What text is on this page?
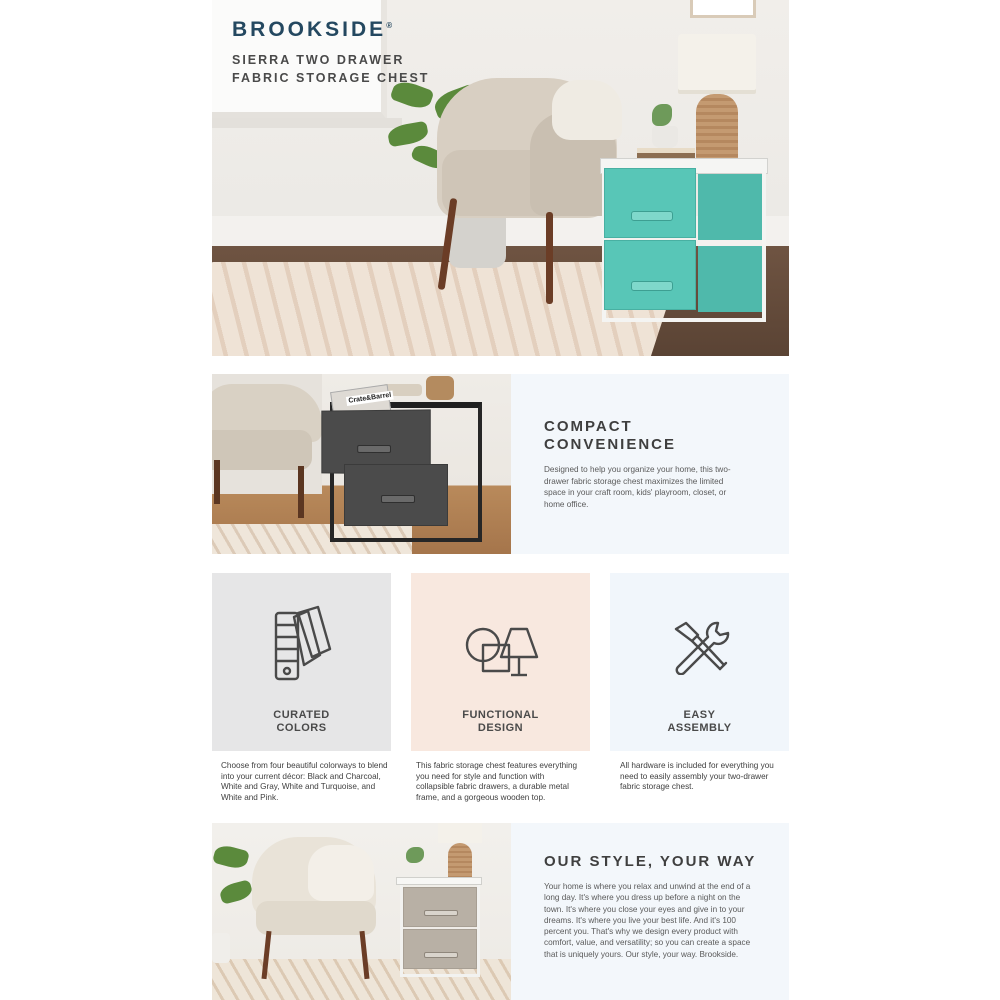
BROOKSIDE®
SIERRA TWO DRAWER
FABRIC STORAGE CHEST
Crate&Barrel
COMPACT
CONVENIENCE
Designed to help you organize your home, this two-drawer fabric storage chest maximizes the limited space in your craft room, kids' playroom, closet, or home office.
CURATED
COLORS
FUNCTIONAL
DESIGN
EASY
ASSEMBLY
Choose from four beautiful colorways to blend into your current décor: Black and Charcoal, White and Gray, White and Turquoise, and White and Pink.
This fabric storage chest features everything you need for style and function with collapsible fabric drawers, a durable metal frame, and a gorgeous wooden top.
All hardware is included for everything you need to easily assembly your two-drawer fabric storage chest.
OUR STYLE, YOUR WAY
Your home is where you relax and unwind at the end of a long day. It's where you dress up before a night on the town. It's where you close your eyes and give in to your dreams. It's where you live your best life. And it's 100 percent you. That's why we design every product with comfort, value, and versatility; so you can create a space that is uniquely yours. Our style, your way. Brookside.
